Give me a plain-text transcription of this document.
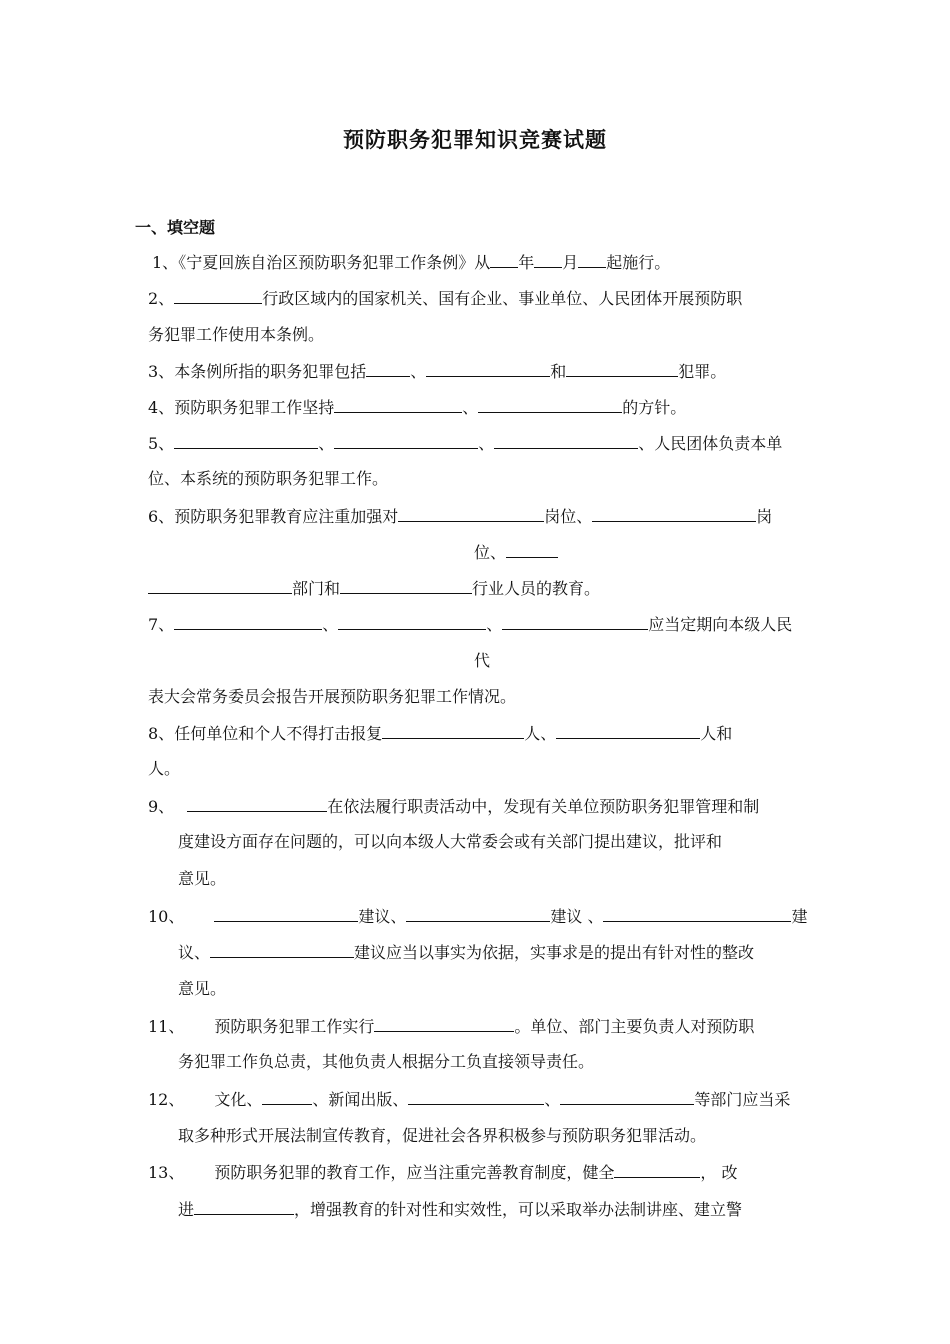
预防职务犯罪知识竞赛试题
一、填空题
1、《宁夏回族自治区预防职务犯罪工作条例》从 年 月 起施行。
2、	行政区域内的国家机关、国有企业、事业单位、人民团体开展预防职
务犯罪工作使用本条例。
3、本条例所指的职务犯罪包括	、	和	犯罪。
4、预防职务犯罪工作坚持	、	的方针。
5、	、	、	、人民团体负责本单
位、本系统的预防职务犯罪工作。
6、预防职务犯罪教育应注重加强对	岗位、	岗
位、
部门和	行业人员的教育。
7、	、	、	应当定期向本级人民
代
表大会常务委员会报告开展预防职务犯罪工作情况。
8、任何单位和个人不得打击报复	人、	人和
人。
9、	在依法履行职责活动中，发现有关单位预防职务犯罪管理和制
度建设方面存在问题的，可以向本级人大常委会或有关部门提出建议，批评和
意见。
10、	建议、	建议 、	建
议、	建议应当以事实为依据，实事求是的提出有针对性的整改
意见。
11、 预防职务犯罪工作实行	。单位、部门主要负责人对预防职
务犯罪工作负总责，其他负责人根据分工负直接领导责任。
12、 文化、	、新闻出版、	、	等部门应当采
取多种形式开展法制宣传教育，促进社会各界积极参与预防职务犯罪活动。
13、 预防职务犯罪的教育工作，应当注重完善教育制度，健全	， 改
进	，增强教育的针对性和实效性，可以采取举办法制讲座、建立警
